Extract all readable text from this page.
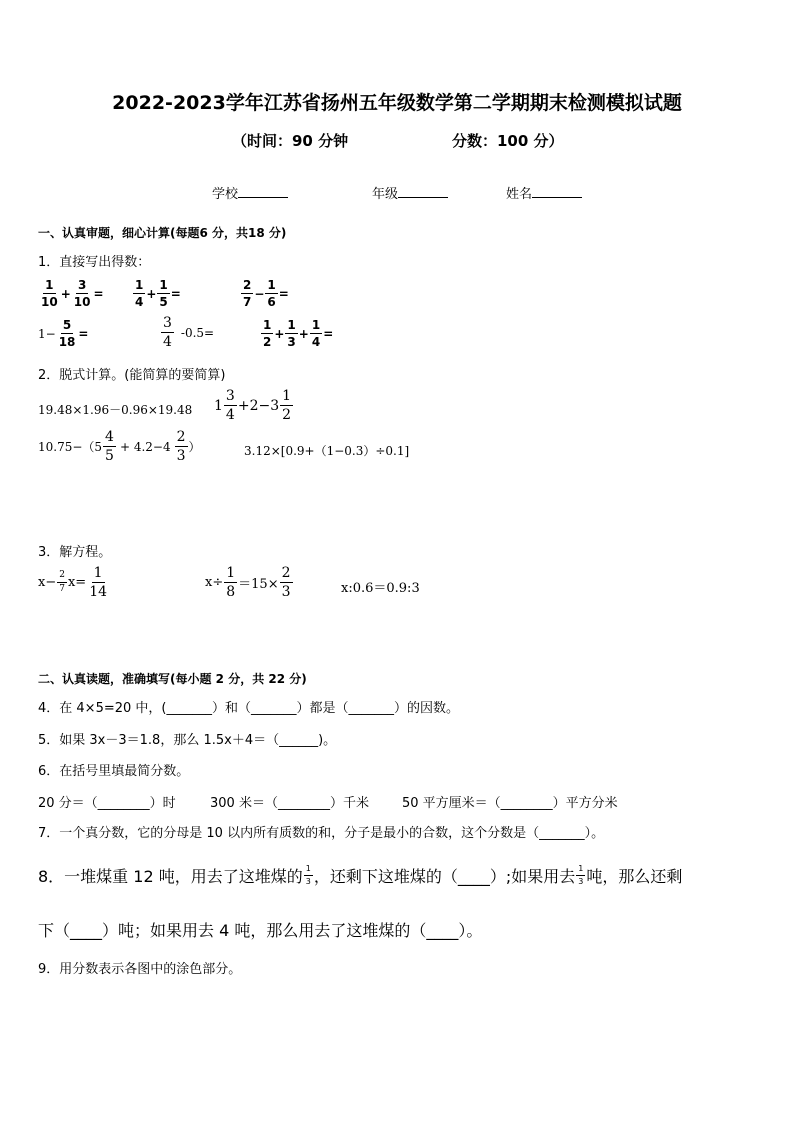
2022-2023学年江苏省扬州五年级数学第二学期期末检测模拟试题
（时间：90 分钟	分数：100 分）
学校	年级	姓名
一、认真审题，细心计算(每题6 分，共18 分)
1．直接写出得数：
$\frac{1}{10} + \frac{3}{10} = \frac{1}{4} + \frac{1}{5}$ =	$\frac{2}{7} - \frac{1}{6}$ =
$1- \frac{5}{18}$ =	$\frac{3}{4} -0.5=$	$\frac{1}{2} + \frac{1}{3} + \frac{1}{4}$ =
2．脱式计算。(能简算的要简算)
19.48×1.96－0.96×19.48 $1 \frac{3}{4} +2-3 \frac{1}{2}$
$10.75-(5 \frac{4}{5} + 4.2-4 \frac{2}{3}$ ）	3.12×[0.9+（1−0.3）÷0.1]
3．解方程。
$x- \frac{2}{7} x= \frac{1}{14}$	$x\div \frac{1}{8} =15\times \frac{2}{3}$	x:0.6＝0.9:3
二、认真读题，准确填写(每小题 2 分，共 22 分)
4．在 4×5=20 中，(_______）和（_______）都是（_______）的因数。
5．如果 3x－3＝1.8，那么 1.5x＋4＝（______)。
6．在括号里填最简分数。
20 分＝（________）时	300 米＝（________）千米	50 平方厘米＝（________）平方分米
7．一个真分数，它的分母是 10 以内所有质数的和，分子是最小的合数，这个分数是（_______）。
8．一堆煤重 12 吨，用去了这堆煤的 $\frac{1}{3}$ ，还剩下这堆煤的（____）;如果用去 $\frac{1}{3}$ 吨，那么还剩
下（____）吨；如果用去 4 吨，那么用去了这堆煤的（____）。
9．用分数表示各图中的涂色部分。
